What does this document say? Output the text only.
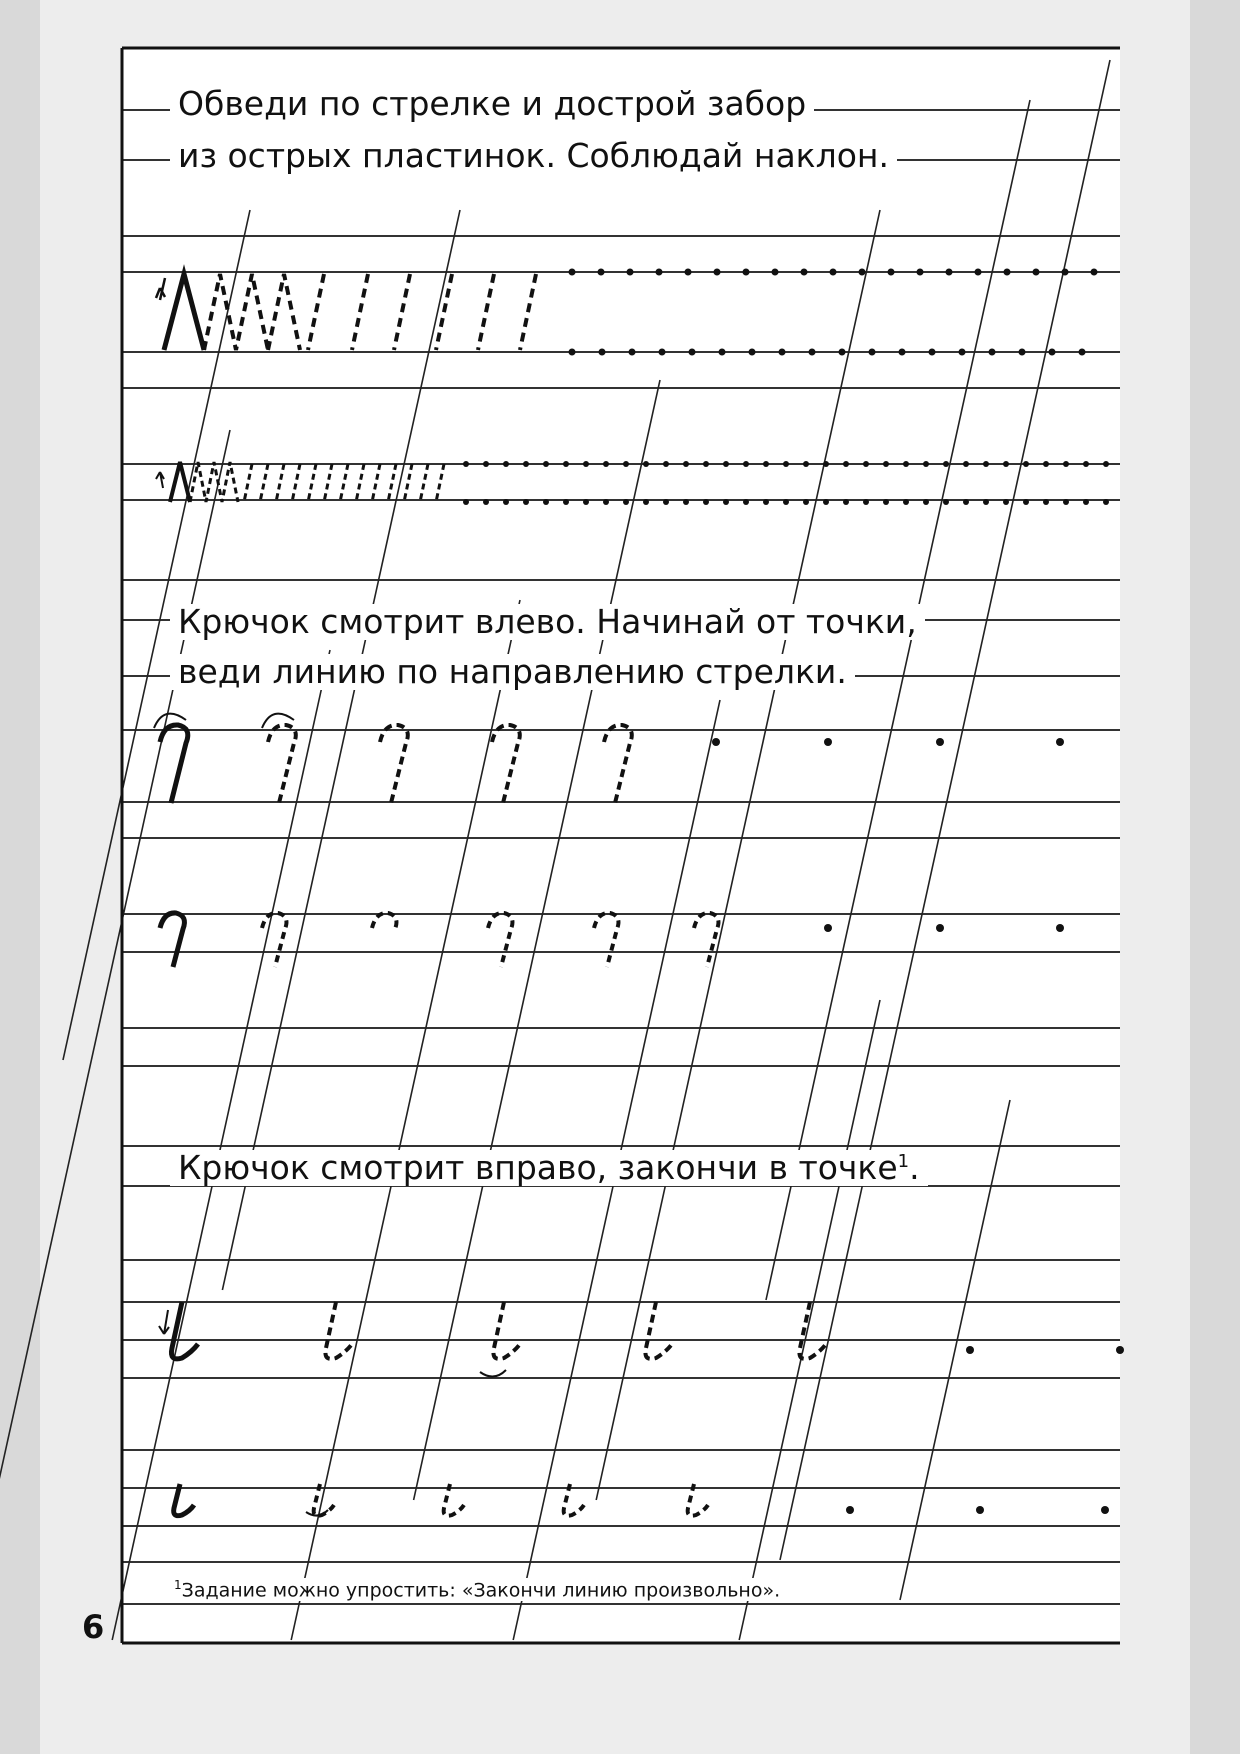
Обведи по стрелке и дострой забор
из острых пластинок. Соблюдай наклон.
Крючок смотрит влево. Начинай от точки,
веди линию по направлению стрелки.
Крючок смотрит вправо, закончи в точке$^1$.
$^1$Задание можно упростить: «Закончи линию произвольно».
6
